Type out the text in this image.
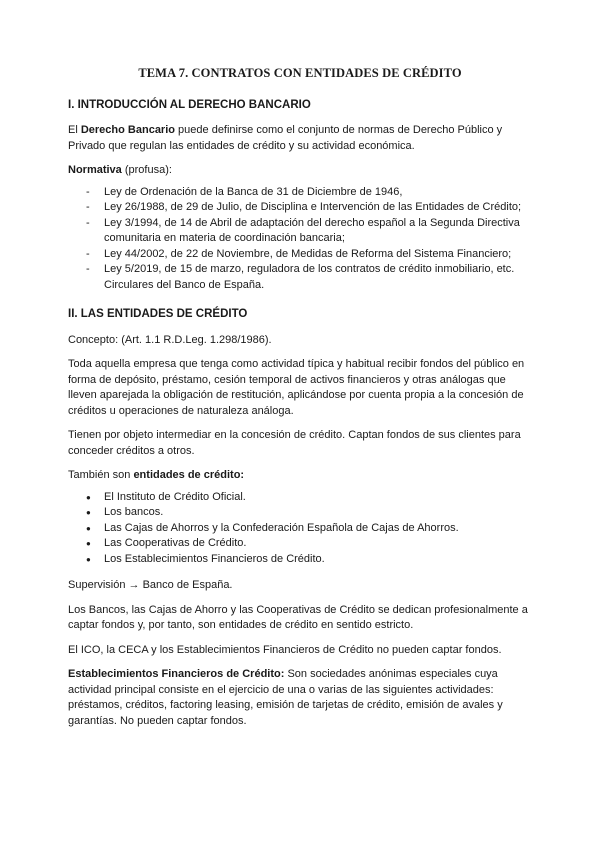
TEMA 7. CONTRATOS CON ENTIDADES DE CRÉDITO
I. INTRODUCCIÓN AL DERECHO BANCARIO

El Derecho Bancario puede definirse como el conjunto de normas de Derecho Público y Privado que regulan las entidades de crédito y su actividad económica.

Normativa (profusa):

- Ley de Ordenación de la Banca de 31 de Diciembre de 1946,
- Ley 26/1988, de 29 de Julio, de Disciplina e Intervención de las Entidades de Crédito;
- Ley 3/1994, de 14 de Abril de adaptación del derecho español a la Segunda Directiva comunitaria en materia de coordinación bancaria;
- Ley 44/2002, de 22 de Noviembre, de Medidas de Reforma del Sistema Financiero;
- Ley 5/2019, de 15 de marzo, reguladora de los contratos de crédito inmobiliario, etc. Circulares del Banco de España.
II. LAS ENTIDADES DE CRÉDITO

Concepto: (Art. 1.1 R.D.Leg. 1.298/1986).

Toda aquella empresa que tenga como actividad típica y habitual recibir fondos del público en forma de depósito, préstamo, cesión temporal de activos financieros y otras análogas que lleven aparejada la obligación de restitución, aplicándose por cuenta propia a la concesión de créditos u operaciones de naturaleza análoga.

Tienen por objeto intermediar en la concesión de crédito. Captan fondos de sus clientes para conceder créditos a otros.

También son entidades de crédito:

● El Instituto de Crédito Oficial.
● Los bancos.
● Las Cajas de Ahorros y la Confederación Española de Cajas de Ahorros.
● Las Cooperativas de Crédito.
● Los Establecimientos Financieros de Crédito.

Supervisión → Banco de España.

Los Bancos, las Cajas de Ahorro y las Cooperativas de Crédito se dedican profesionalmente a captar fondos y, por tanto, son entidades de crédito en sentido estricto.

El ICO, la CECA y los Establecimientos Financieros de Crédito no pueden captar fondos.

Establecimientos Financieros de Crédito: Son sociedades anónimas especiales cuya actividad principal consiste en el ejercicio de una o varias de las siguientes actividades: préstamos, créditos, factoring leasing, emisión de tarjetas de crédito, emisión de avales y garantías. No pueden captar fondos.
